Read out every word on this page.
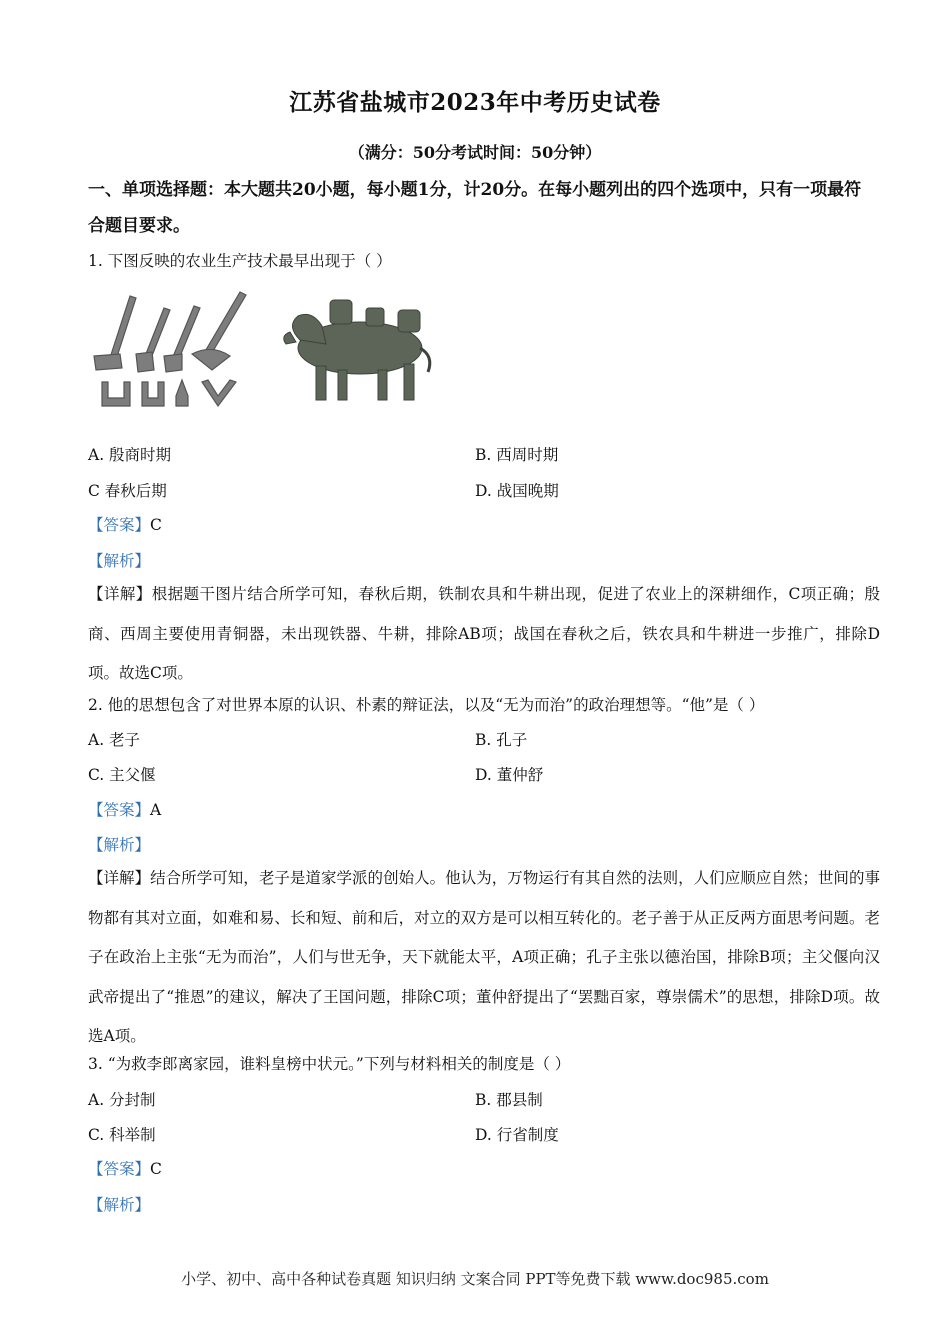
江苏省盐城市2023年中考历史试卷
（满分：50分考试时间：50分钟）
一、单项选择题：本大题共20小题，每小题1分，计20分。在每小题列出的四个选项中，只有一项最符合题目要求。
1. 下图反映的农业生产技术最早出现于（ ）
A. 殷商时期	B. 西周时期
C 春秋后期	D. 战国晚期
【答案】C
【解析】
【详解】根据题干图片结合所学可知，春秋后期，铁制农具和牛耕出现，促进了农业上的深耕细作，C项正确；殷商、西周主要使用青铜器，未出现铁器、牛耕，排除AB项；战国在春秋之后，铁农具和牛耕进一步推广，排除D项。故选C项。
2. 他的思想包含了对世界本原的认识、朴素的辩证法，以及“无为而治”的政治理想等。“他”是（ ）
A. 老子	B. 孔子
C. 主父偃	D. 董仲舒
【答案】A
【解析】
【详解】结合所学可知，老子是道家学派的创始人。他认为，万物运行有其自然的法则，人们应顺应自然；世间的事物都有其对立面，如难和易、长和短、前和后，对立的双方是可以相互转化的。老子善于从正反两方面思考问题。老子在政治上主张“无为而治”，人们与世无争，天下就能太平，A项正确；孔子主张以德治国，排除B项；主父偃向汉武帝提出了“推恩”的建议，解决了王国问题，排除C项；董仲舒提出了“罢黜百家，尊崇儒术”的思想，排除D项。故选A项。
3. “为救李郎离家园，谁料皇榜中状元。”下列与材料相关的制度是（ ）
A. 分封制	B. 郡县制
C. 科举制	D. 行省制度
【答案】C
【解析】
小学、初中、高中各种试卷真题 知识归纳 文案合同 PPT等免费下载 www.doc985.com
